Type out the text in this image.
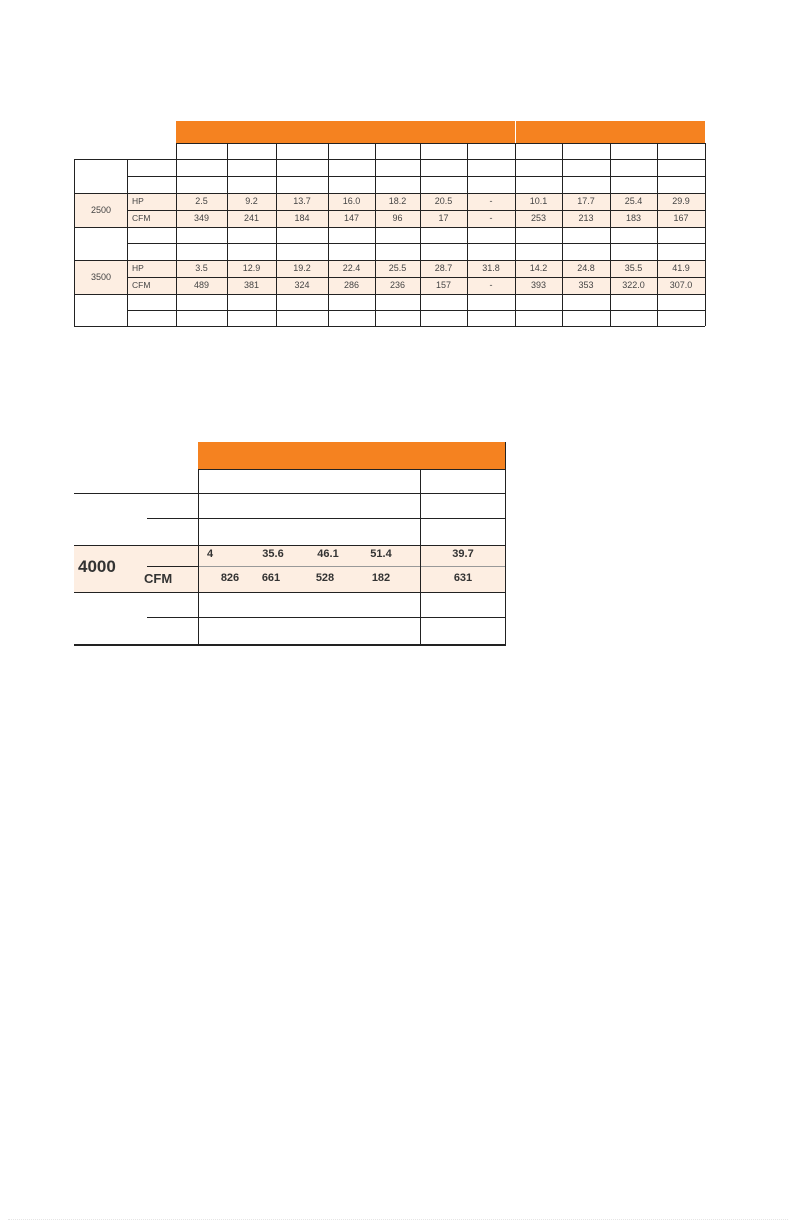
2500
HP
CFM
2.5	9.2	13.7	16.0	18.2	20.5	-	10.1	17.7	25.4	29.9
349	241	184	147	96	17	-	253	213	183	167
3500
HP
CFM
3.5	12.9	19.2	22.4	25.5	28.7	31.8	14.2	24.8	35.5	41.9
489	381	324	286	236	157	-	393	353	322.0	307.0
4000
CFM
4	35.6	46.1	51.4	39.7
826	661	528	182	631
